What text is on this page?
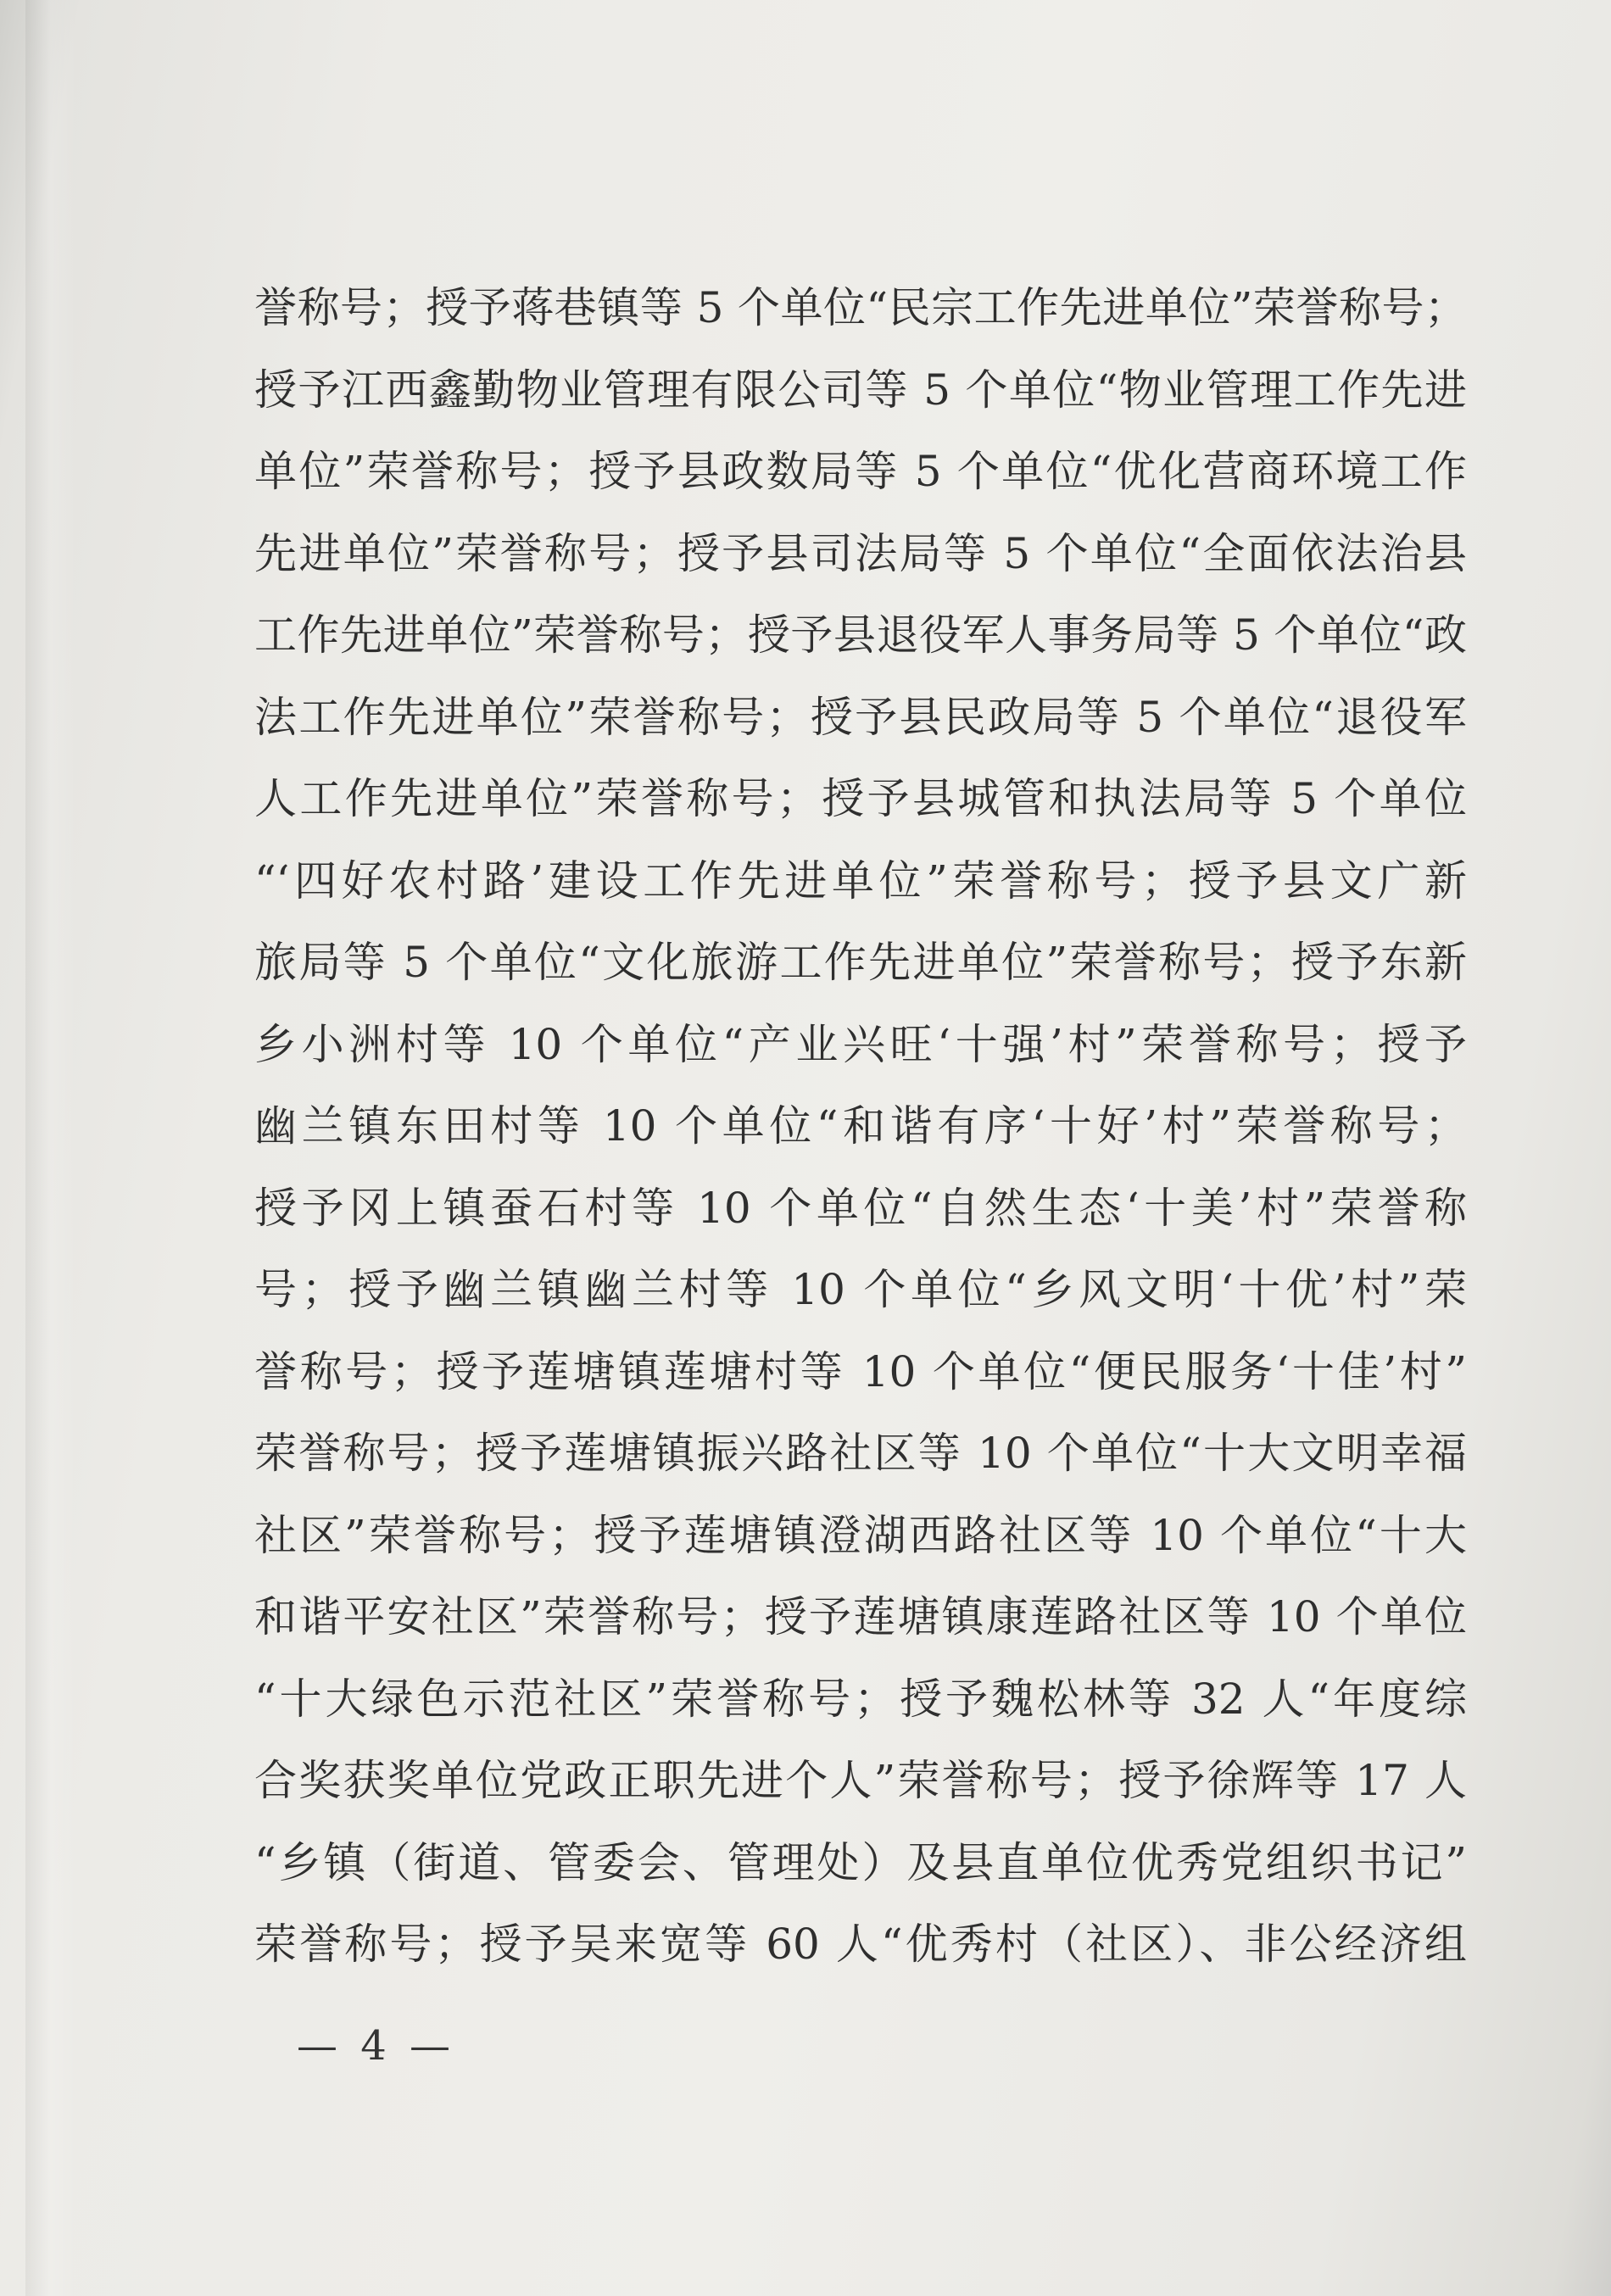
誉称号；授予蒋巷镇等 5 个单位“民宗工作先进单位”荣誉称号；
授予江西鑫勤物业管理有限公司等 5 个单位“物业管理工作先进
单位”荣誉称号；授予县政数局等 5 个单位“优化营商环境工作
先进单位”荣誉称号；授予县司法局等 5 个单位“全面依法治县
工作先进单位”荣誉称号；授予县退役军人事务局等 5 个单位“政
法工作先进单位”荣誉称号；授予县民政局等 5 个单位“退役军
人工作先进单位”荣誉称号；授予县城管和执法局等 5 个单位
“‘四好农村路’建设工作先进单位”荣誉称号；授予县文广新
旅局等 5 个单位“文化旅游工作先进单位”荣誉称号；授予东新
乡小洲村等 10 个单位“产业兴旺‘十强’村”荣誉称号；授予
幽兰镇东田村等 10 个单位“和谐有序‘十好’村”荣誉称号；
授予冈上镇蚕石村等 10 个单位“自然生态‘十美’村”荣誉称
号；授予幽兰镇幽兰村等 10 个单位“乡风文明‘十优’村”荣
誉称号；授予莲塘镇莲塘村等 10 个单位“便民服务‘十佳’村”
荣誉称号；授予莲塘镇振兴路社区等 10 个单位“十大文明幸福
社区”荣誉称号；授予莲塘镇澄湖西路社区等 10 个单位“十大
和谐平安社区”荣誉称号；授予莲塘镇康莲路社区等 10 个单位
“十大绿色示范社区”荣誉称号；授予魏松林等 32 人“年度综
合奖获奖单位党政正职先进个人”荣誉称号；授予徐辉等 17 人
“乡镇（街道、管委会、管理处）及县直单位优秀党组织书记”
荣誉称号；授予吴来宽等 60 人“优秀村（社区）、非公经济组
— 4 —
